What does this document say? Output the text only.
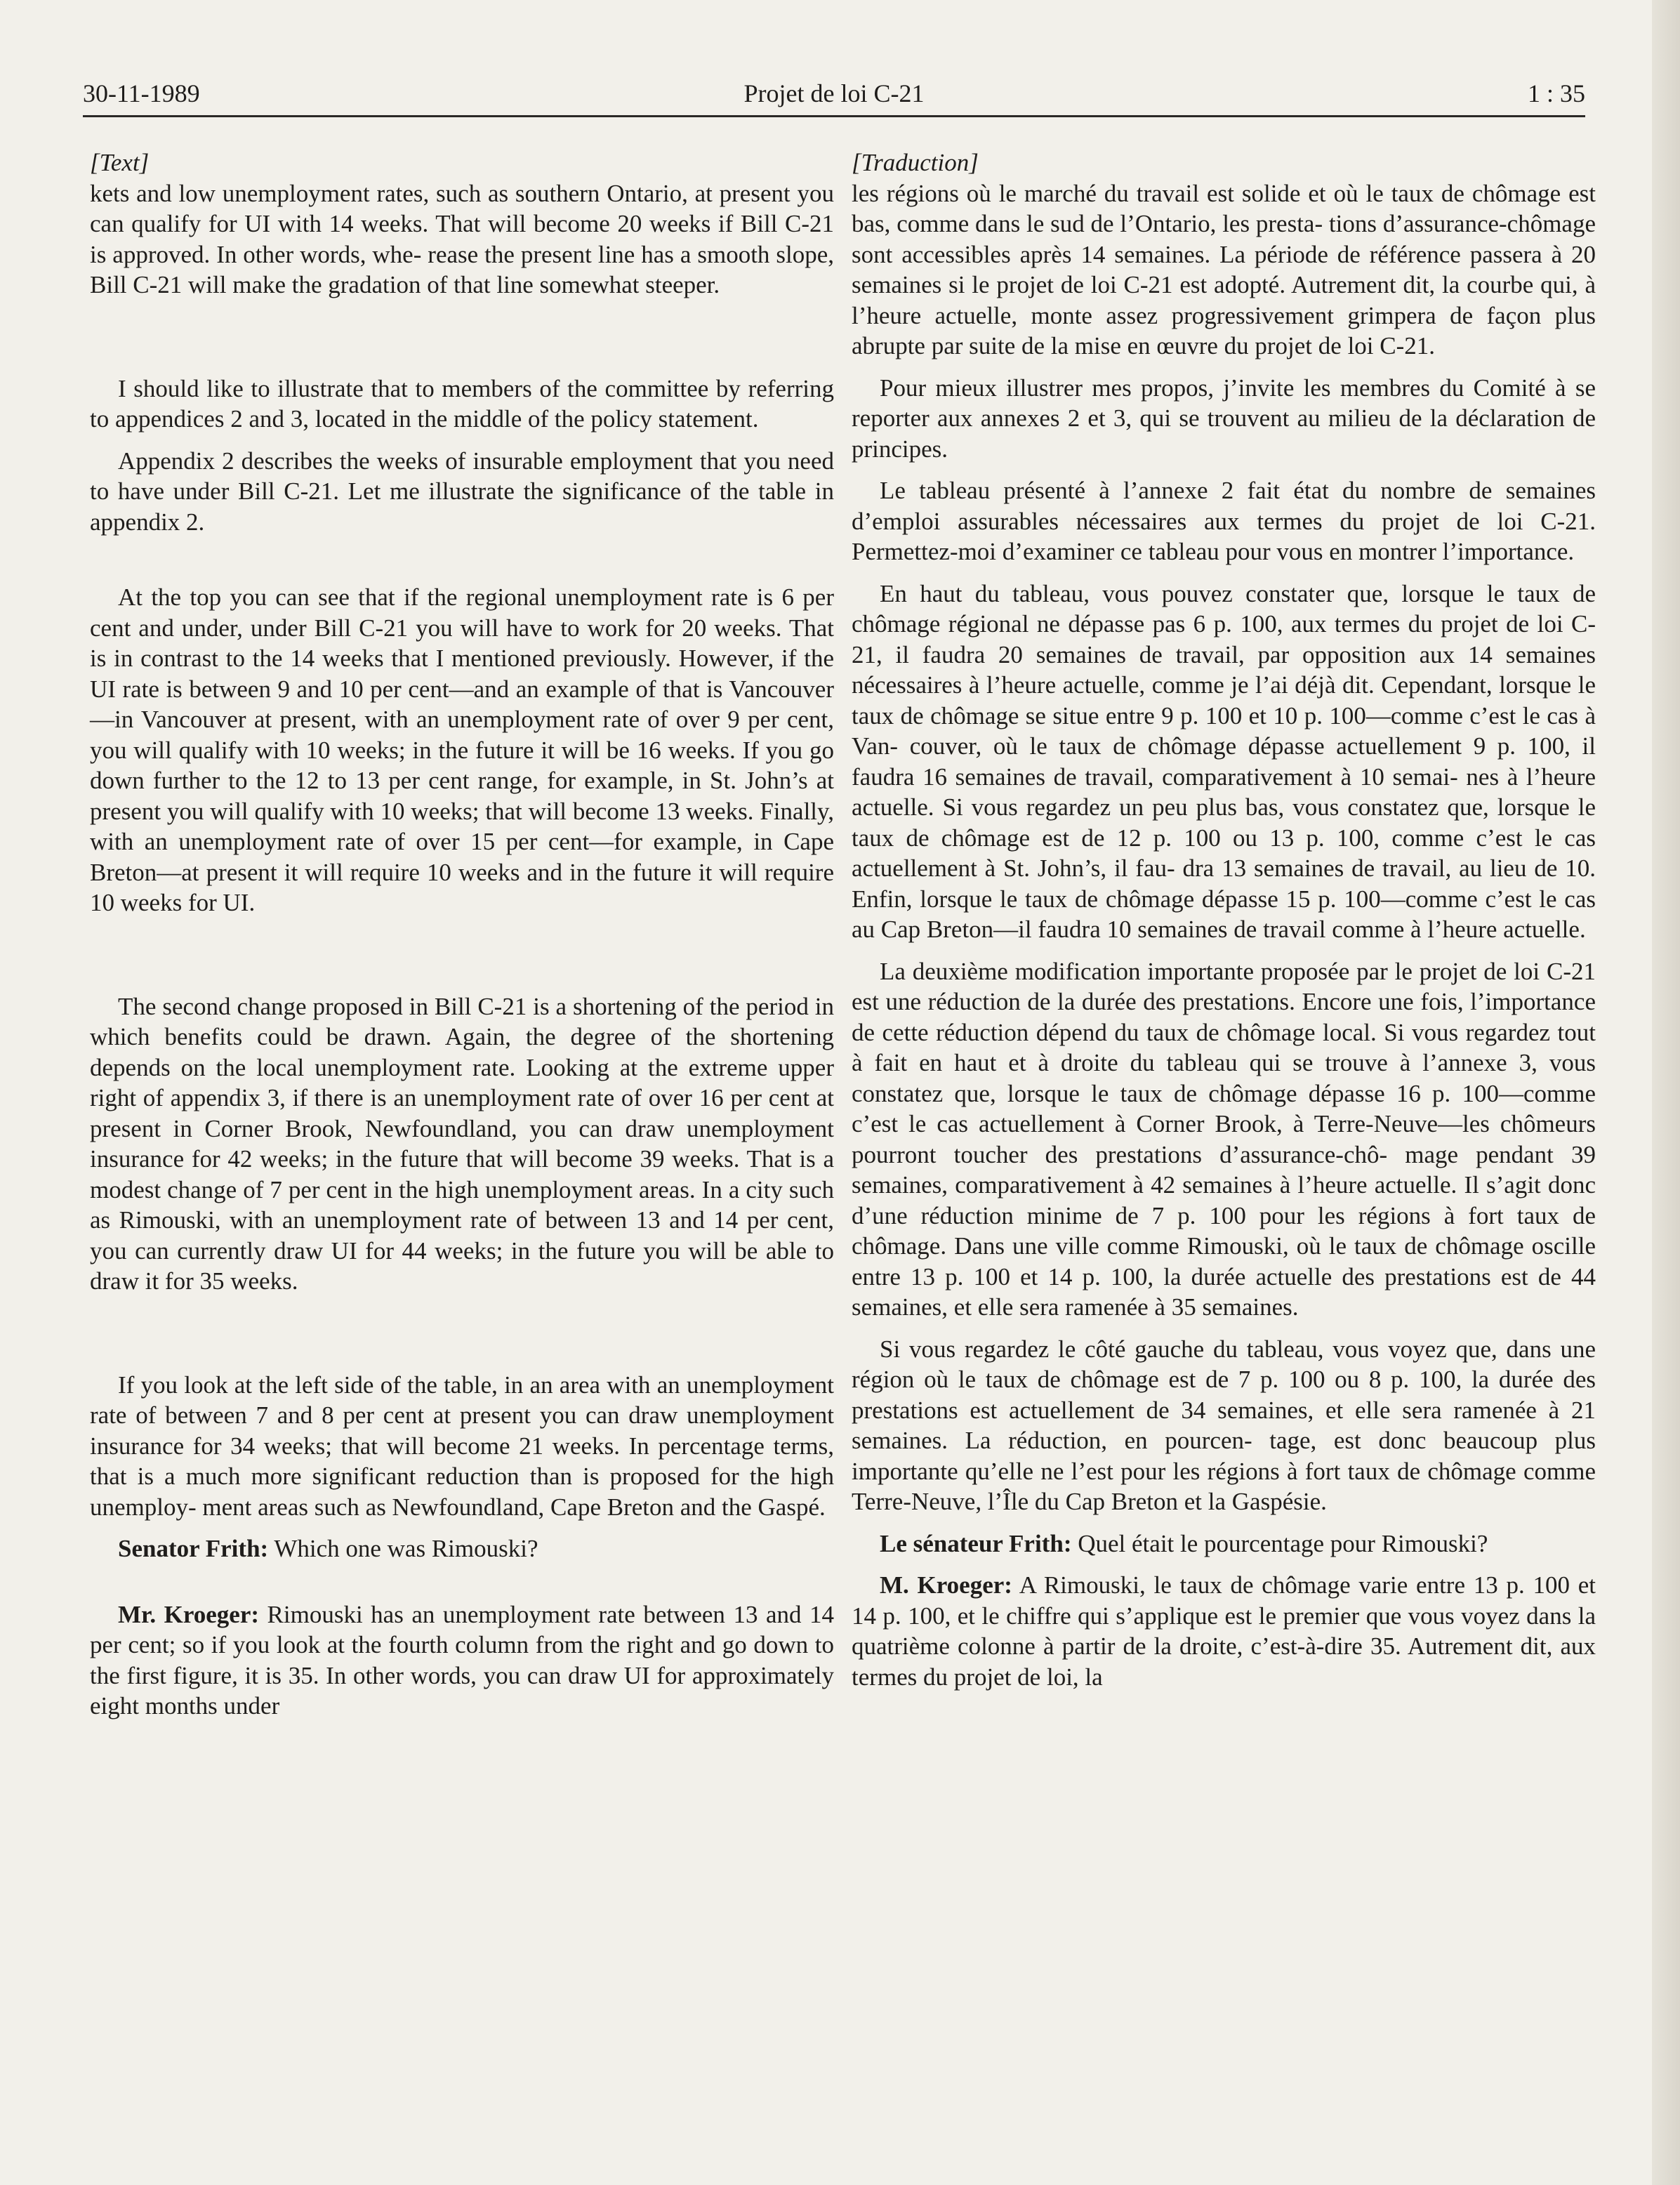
30-11-1989	Projet de loi C-21	1 : 35

[Text]

kets and low unemployment rates, such as southern Ontario, at present you can qualify for UI with 14 weeks. That will become 20 weeks if Bill C-21 is approved. In other words, whe- rease the present line has a smooth slope, Bill C-21 will make the gradation of that line somewhat steeper.

I should like to illustrate that to members of the committee by referring to appendices 2 and 3, located in the middle of the policy statement.

Appendix 2 describes the weeks of insurable employment that you need to have under Bill C-21. Let me illustrate the significance of the table in appendix 2.

At the top you can see that if the regional unemployment rate is 6 per cent and under, under Bill C-21 you will have to work for 20 weeks. That is in contrast to the 14 weeks that I mentioned previously. However, if the UI rate is between 9 and 10 per cent—and an example of that is Vancouver—in Vancouver at present, with an unemployment rate of over 9 per cent, you will qualify with 10 weeks; in the future it will be 16 weeks. If you go down further to the 12 to 13 per cent range, for example, in St. John’s at present you will qualify with 10 weeks; that will become 13 weeks. Finally, with an unemployment rate of over 15 per cent—for example, in Cape Breton—at present it will require 10 weeks and in the future it will require 10 weeks for UI.

The second change proposed in Bill C-21 is a shortening of the period in which benefits could be drawn. Again, the degree of the shortening depends on the local unemployment rate. Looking at the extreme upper right of appendix 3, if there is an unemployment rate of over 16 per cent at present in Corner Brook, Newfoundland, you can draw unemployment insurance for 42 weeks; in the future that will become 39 weeks. That is a modest change of 7 per cent in the high unemployment areas. In a city such as Rimouski, with an unemployment rate of between 13 and 14 per cent, you can currently draw UI for 44 weeks; in the future you will be able to draw it for 35 weeks.

If you look at the left side of the table, in an area with an unemployment rate of between 7 and 8 per cent at present you can draw unemployment insurance for 34 weeks; that will become 21 weeks. In percentage terms, that is a much more significant reduction than is proposed for the high unemploy- ment areas such as Newfoundland, Cape Breton and the Gaspé.

Senator Frith: Which one was Rimouski?

Mr. Kroeger: Rimouski has an unemployment rate between 13 and 14 per cent; so if you look at the fourth column from the right and go down to the first figure, it is 35. In other words, you can draw UI for approximately eight months under

[Traduction]

les régions où le marché du travail est solide et où le taux de chômage est bas, comme dans le sud de l’Ontario, les presta- tions d’assurance-chômage sont accessibles après 14 semaines. La période de référence passera à 20 semaines si le projet de loi C-21 est adopté. Autrement dit, la courbe qui, à l’heure actuelle, monte assez progressivement grimpera de façon plus abrupte par suite de la mise en œuvre du projet de loi C-21.

Pour mieux illustrer mes propos, j’invite les membres du Comité à se reporter aux annexes 2 et 3, qui se trouvent au milieu de la déclaration de principes.

Le tableau présenté à l’annexe 2 fait état du nombre de semaines d’emploi assurables nécessaires aux termes du projet de loi C-21. Permettez-moi d’examiner ce tableau pour vous en montrer l’importance.

En haut du tableau, vous pouvez constater que, lorsque le taux de chômage régional ne dépasse pas 6 p. 100, aux termes du projet de loi C-21, il faudra 20 semaines de travail, par opposition aux 14 semaines nécessaires à l’heure actuelle, comme je l’ai déjà dit. Cependant, lorsque le taux de chômage se situe entre 9 p. 100 et 10 p. 100—comme c’est le cas à Van- couver, où le taux de chômage dépasse actuellement 9 p. 100, il faudra 16 semaines de travail, comparativement à 10 semai- nes à l’heure actuelle. Si vous regardez un peu plus bas, vous constatez que, lorsque le taux de chômage est de 12 p. 100 ou 13 p. 100, comme c’est le cas actuellement à St. John’s, il fau- dra 13 semaines de travail, au lieu de 10. Enfin, lorsque le taux de chômage dépasse 15 p. 100—comme c’est le cas au Cap Breton—il faudra 10 semaines de travail comme à l’heure actuelle.

La deuxième modification importante proposée par le projet de loi C-21 est une réduction de la durée des prestations. Encore une fois, l’importance de cette réduction dépend du taux de chômage local. Si vous regardez tout à fait en haut et à droite du tableau qui se trouve à l’annexe 3, vous constatez que, lorsque le taux de chômage dépasse 16 p. 100—comme c’est le cas actuellement à Corner Brook, à Terre-Neuve—les chômeurs pourront toucher des prestations d’assurance-chô- mage pendant 39 semaines, comparativement à 42 semaines à l’heure actuelle. Il s’agit donc d’une réduction minime de 7 p. 100 pour les régions à fort taux de chômage. Dans une ville comme Rimouski, où le taux de chômage oscille entre 13 p. 100 et 14 p. 100, la durée actuelle des prestations est de 44 semaines, et elle sera ramenée à 35 semaines.

Si vous regardez le côté gauche du tableau, vous voyez que, dans une région où le taux de chômage est de 7 p. 100 ou 8 p. 100, la durée des prestations est actuellement de 34 semaines, et elle sera ramenée à 21 semaines. La réduction, en pourcen- tage, est donc beaucoup plus importante qu’elle ne l’est pour les régions à fort taux de chômage comme Terre-Neuve, l’Île du Cap Breton et la Gaspésie.

Le sénateur Frith: Quel était le pourcentage pour Rimouski?

M. Kroeger: A Rimouski, le taux de chômage varie entre 13 p. 100 et 14 p. 100, et le chiffre qui s’applique est le premier que vous voyez dans la quatrième colonne à partir de la droite, c’est-à-dire 35. Autrement dit, aux termes du projet de loi, la
